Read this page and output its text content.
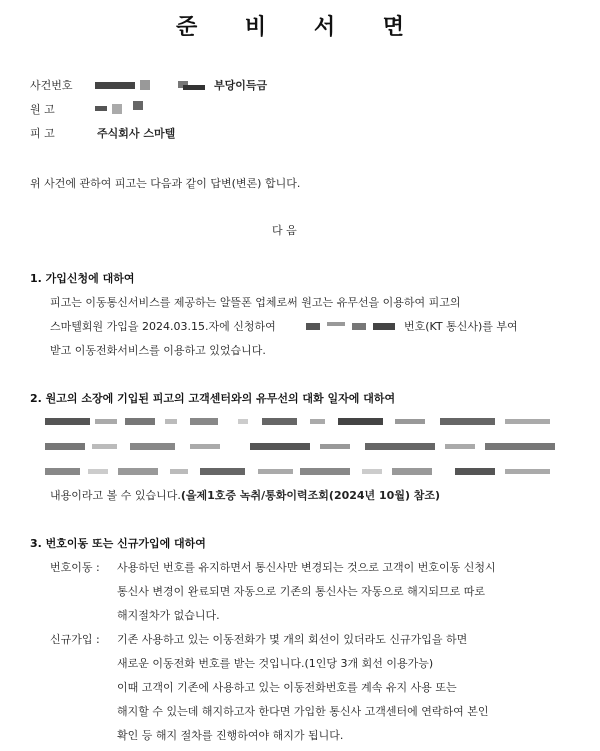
준 비 서 면
사건번호	부당이득금
원 고
피 고	주식회사 스마텔
위 사건에 관하여 피고는 다음과 같이 답변(변론) 합니다.
다 음
1. 가입신청에 대하여
피고는 이동통신서비스를 제공하는 알뜰폰 업체로써 원고는 유무선을 이용하여 피고의
스마텔회원 가입을 2024.03.15.자에 신청하여	번호(KT 통신사)를 부여
받고 이동전화서비스를 이용하고 있었습니다.
2. 원고의 소장에 기입된 피고의 고객센터와의 유무선의 대화 일자에 대하여
내용이라고 볼 수 있습니다.(을제1호증 녹취/통화이력조회(2024년 10월) 참조)
3. 번호이동 또는 신규가입에 대하여
번호이동 : 사용하던 번호를 유지하면서 통신사만 변경되는 것으로 고객이 번호이동 신청시
통신사 변경이 완료되면 자동으로 기존의 통신사는 자동으로 해지되므로 따로
해지절차가 없습니다.
신규가입 : 기존 사용하고 있는 이동전화가 몇 개의 회선이 있더라도 신규가입을 하면
새로운 이동전화 번호를 받는 것입니다.(1인당 3개 회선 이용가능)
이때 고객이 기존에 사용하고 있는 이동전화번호를 계속 유지 사용 또는
해지할 수 있는데 해지하고자 한다면 가입한 통신사 고객센터에 연락하여 본인
확인 등 해지 절차를 진행하여야 해지가 됩니다.
